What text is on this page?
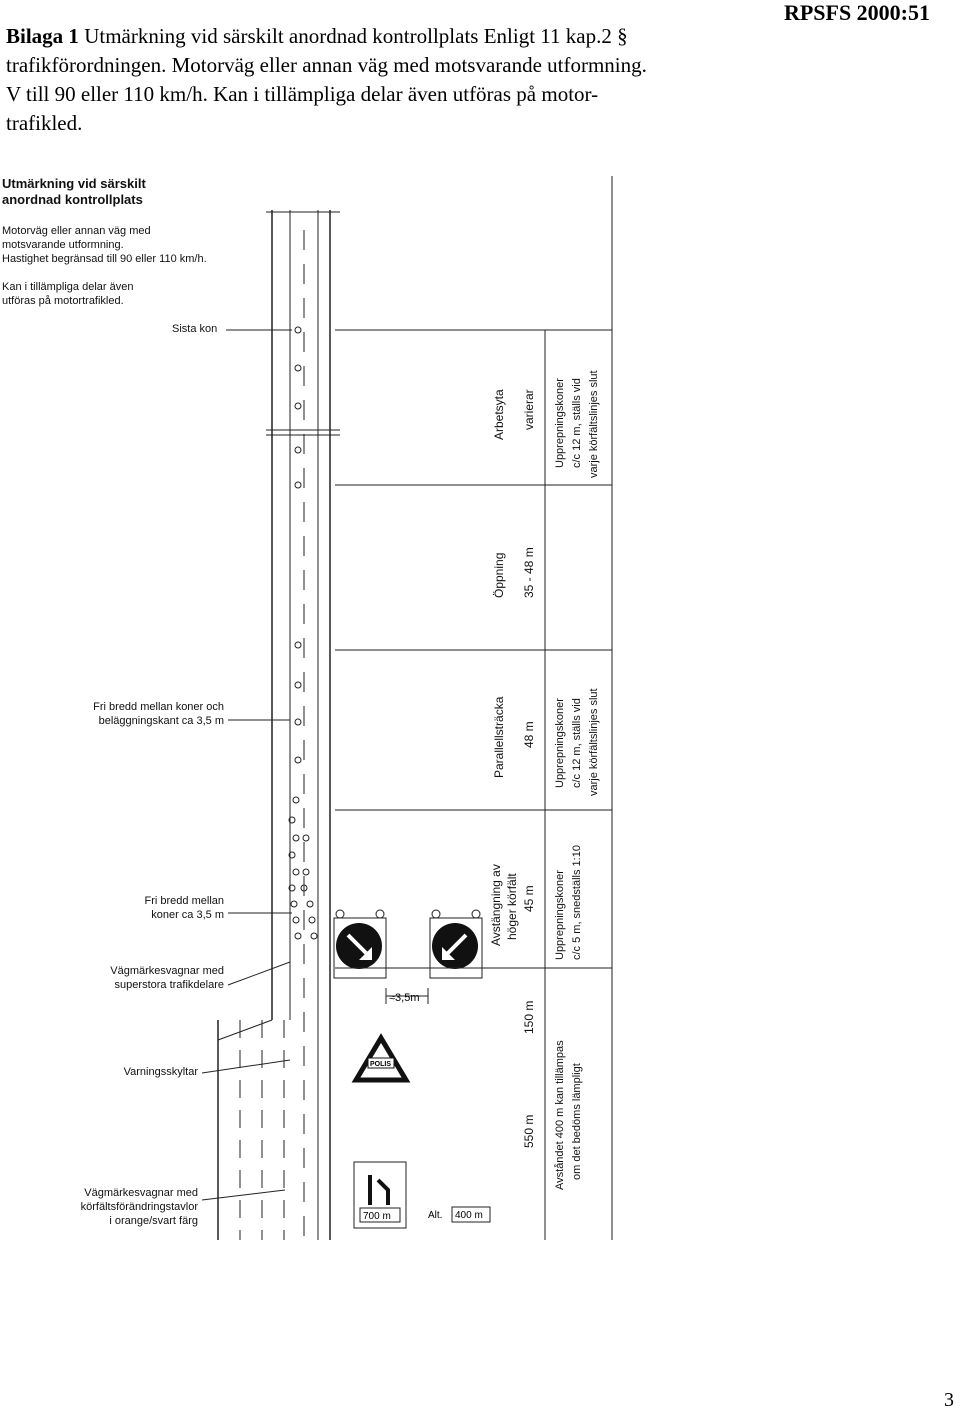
RPSFS 2000:51
Bilaga 1 Utmärkning vid särskilt anordnad kontrollplats Enligt 11 kap.2 §
trafikförordningen. Motorväg eller annan väg med motsvarande utformning.
V till 90 eller 110 km/h. Kan i tillämpliga delar även utföras på motor-
trafikled.
Utmärkning vid särskilt
anordnad kontrollplats
Motorväg eller annan väg med
motsvarande utformning.
Hastighet begränsad till 90 eller 110 km/h.
Kan i tillämpliga delar även
utföras på motortrafikled.
Sista kon
Fri bredd mellan koner och
beläggningskant ca 3,5 m
Fri bredd mellan
koner ca 3,5 m
Vägmärkesvagnar med
superstora trafikdelare
Varningsskyltar
Vägmärkesvagnar med
körfältsförändringstavlor
i orange/svart färg
≈3,5m
POLIS
700 m	Alt. 400 m
Arbetsyta varierar
Öppning 35 - 48 m
Parallellsträcka 48 m
Avstängning av höger körfält 45 m
150 m
550 m
Upprepningskoner c/c 12 m, ställs vid varje körfältslinjes slut
Upprepningskoner c/c 12 m, ställs vid varje körfältslinjes slut
Upprepningskoner c/c 5 m, snedställs 1:10
Avståndet 400 m kan tillämpas om det bedöms lämpligt
3
